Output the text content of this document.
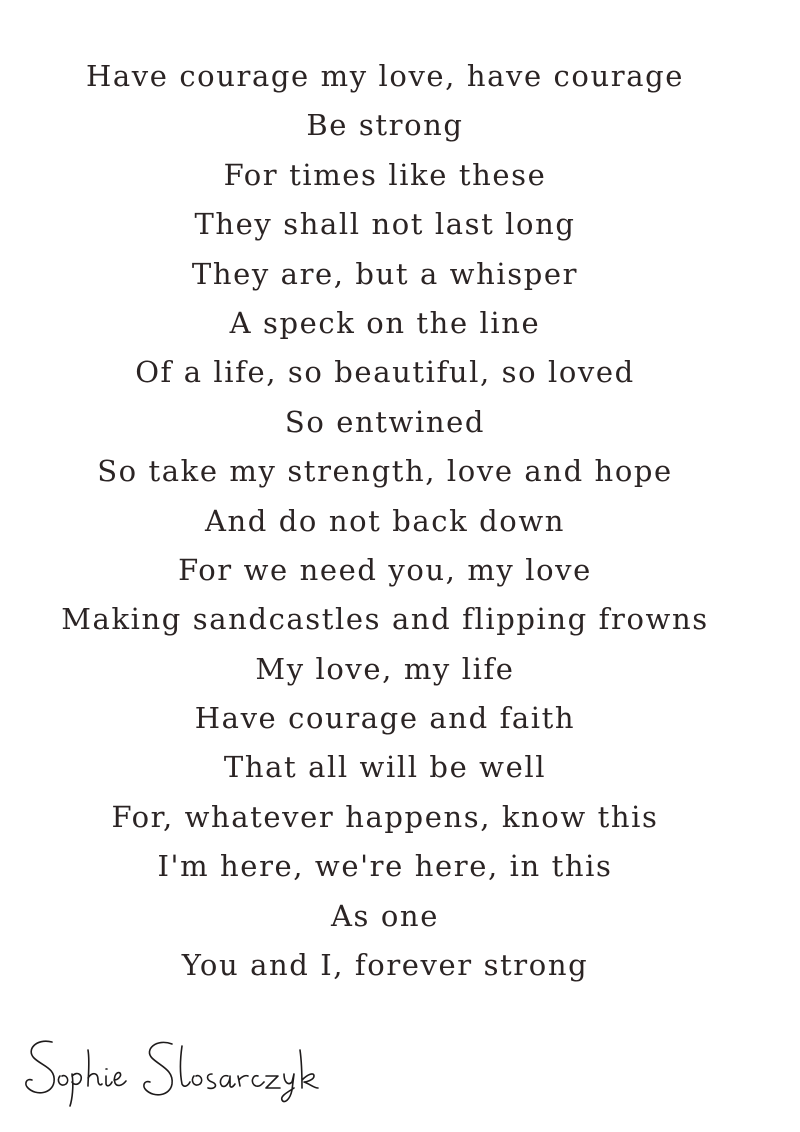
Have courage my love, have courage
Be strong
For times like these
They shall not last long
They are, but a whisper
A speck on the line
Of a life, so beautiful, so loved
So entwined
So take my strength, love and hope
And do not back down
For we need you, my love
Making sandcastles and flipping frowns
My love, my life
Have courage and faith
That all will be well
For, whatever happens, know this
I'm here, we're here, in this
As one
You and I, forever strong
